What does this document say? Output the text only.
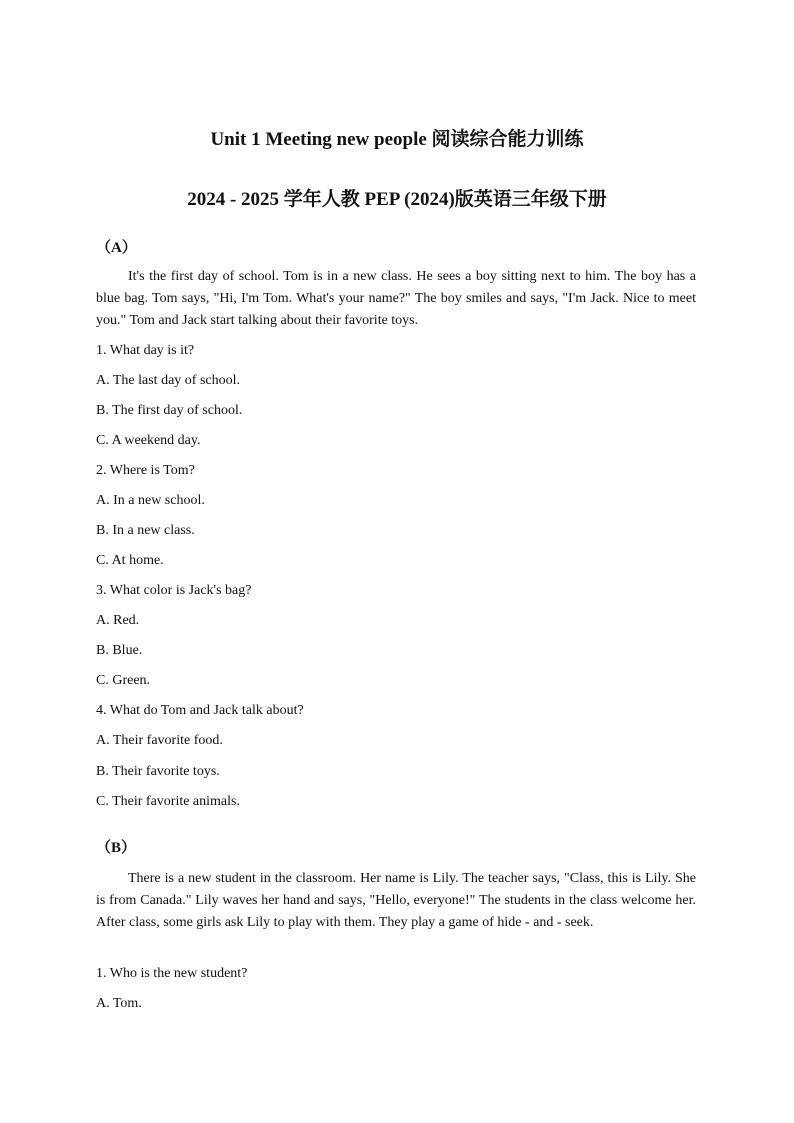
Unit 1 Meeting new people 阅读综合能力训练
2024 - 2025 学年人教 PEP (2024)版英语三年级下册
（A）

It's the first day of school. Tom is in a new class. He sees a boy sitting next to him. The boy has a blue bag. Tom says, "Hi, I'm Tom. What's your name?" The boy smiles and says, "I'm Jack. Nice to meet you." Tom and Jack start talking about their favorite toys.

1. What day is it?
A. The last day of school.
B. The first day of school.
C. A weekend day.
2. Where is Tom?
A. In a new school.
B. In a new class.
C. At home.
3. What color is Jack's bag?
A. Red.
B. Blue.
C. Green.
4. What do Tom and Jack talk about?
A. Their favorite food.
B. Their favorite toys.
C. Their favorite animals.
（B）

There is a new student in the classroom. Her name is Lily. The teacher says, "Class, this is Lily. She is from Canada." Lily waves her hand and says, "Hello, everyone!" The students in the class welcome her. After class, some girls ask Lily to play with them. They play a game of hide - and - seek.

1. Who is the new student?
A. Tom.
